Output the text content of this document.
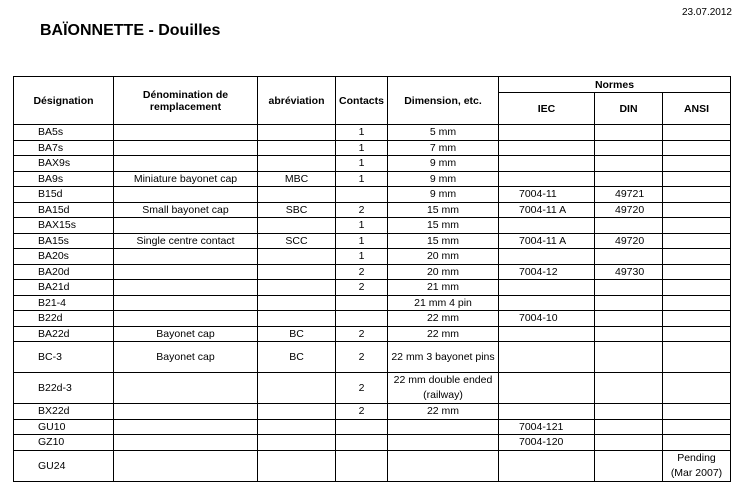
23.07.2012
BAÏONNETTE - Douilles
Désignation	Dénomination de remplacement	abréviation	Contacts	Dimension, etc.	Normes		
					IEC	DIN	ANSI
BA5s			1	5 mm			
BA7s			1	7 mm			
BAX9s			1	9 mm			
BA9s	Miniature bayonet cap	MBC	1	9 mm			
B15d				9 mm	7004-11	49721	
BA15d	Small bayonet cap	SBC	2	15 mm	7004-11 A	49720	
BAX15s			1	15 mm			
BA15s	Single centre contact	SCC	1	15 mm	7004-11 A	49720	
BA20s			1	20 mm			
BA20d			2	20 mm	7004-12	49730	
BA21d			2	21 mm			
B21-4				21 mm 4 pin			
B22d				22 mm	7004-10		
BA22d	Bayonet cap	BC	2	22 mm			
BC-3	Bayonet cap	BC	2	22 mm 3 bayonet pins			
B22d-3			2	22 mm double ended (railway)			
BX22d			2	22 mm			
GU10					7004-121		
GZ10					7004-120		
GU24							Pending (Mar 2007)
